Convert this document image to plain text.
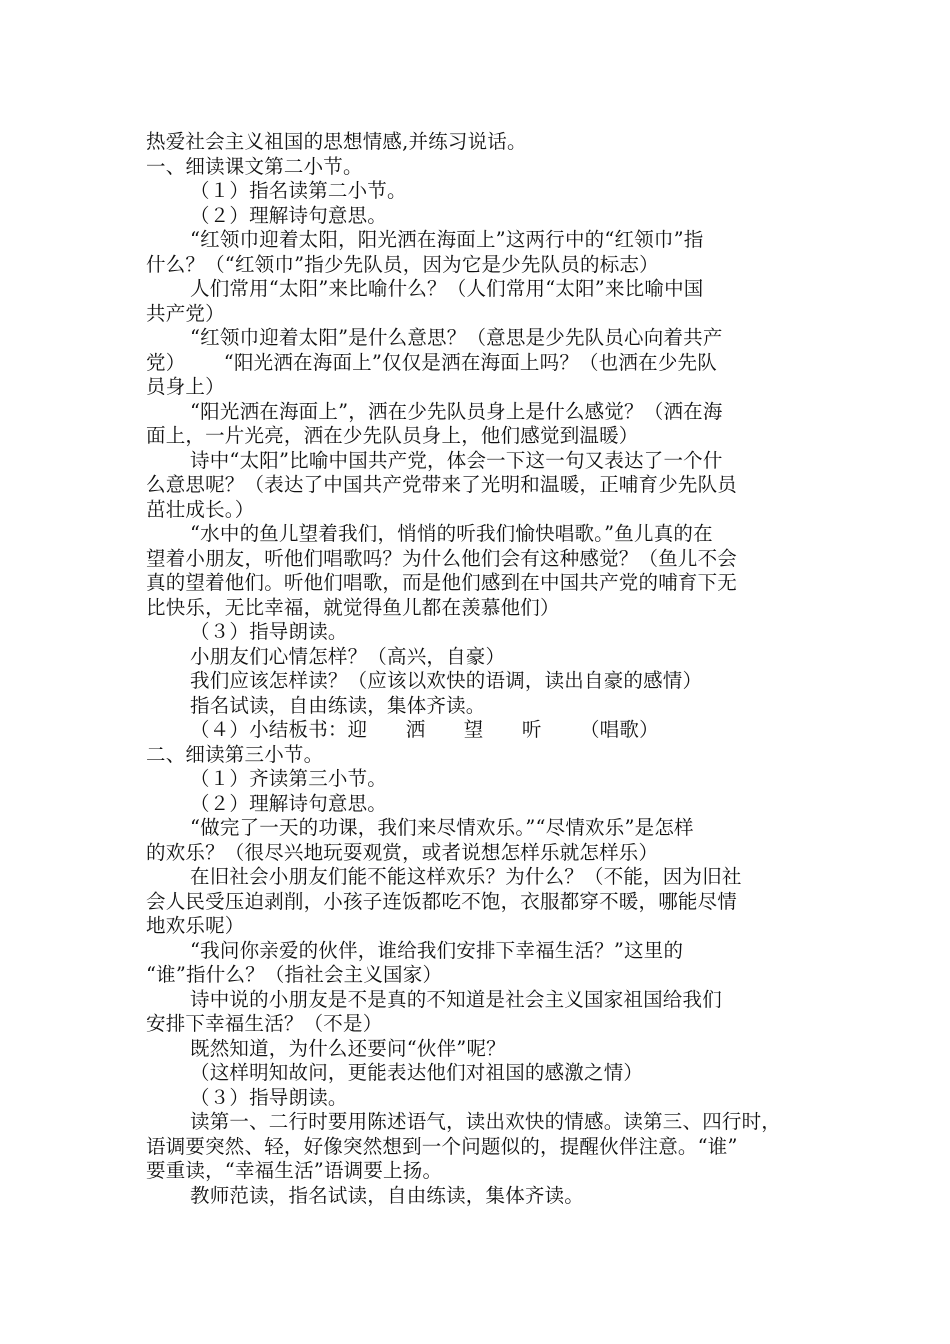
热爱社会主义祖国的思想情感,并练习说话。
一、细读课文第二小节。
（１）指名读第二小节。
（２）理解诗句意思。
“红领巾迎着太阳，阳光洒在海面上”这两行中的“红领巾”指
什么？（“红领巾”指少先队员，因为它是少先队员的标志）
人们常用“太阳”来比喻什么？（人们常用“太阳”来比喻中国
共产党）
“红领巾迎着太阳”是什么意思？（意思是少先队员心向着共产
党）      “阳光洒在海面上”仅仅是洒在海面上吗？（也洒在少先队
员身上）
“阳光洒在海面上”，洒在少先队员身上是什么感觉？（洒在海
面上，一片光亮，洒在少先队员身上，他们感觉到温暖）
诗中“太阳”比喻中国共产党，体会一下这一句又表达了一个什
么意思呢？（表达了中国共产党带来了光明和温暖，正哺育少先队员
茁壮成长。）
“水中的鱼儿望着我们，悄悄的听我们愉快唱歌。”鱼儿真的在
望着小朋友，听他们唱歌吗？为什么他们会有这种感觉？（鱼儿不会
真的望着他们。听他们唱歌，而是他们感到在中国共产党的哺育下无
比快乐，无比幸福，就觉得鱼儿都在羡慕他们）
（３）指导朗读。
小朋友们心情怎样？（高兴，自豪）
我们应该怎样读？（应该以欢快的语调，读出自豪的感情）
指名试读，自由练读，集体齐读。
（４）小结板书：迎      洒      望      听      （唱歌）
二、细读第三小节。
（１）齐读第三小节。
（２）理解诗句意思。
“做完了一天的功课，我们来尽情欢乐。”“尽情欢乐”是怎样
的欢乐？（很尽兴地玩耍观赏，或者说想怎样乐就怎样乐）
在旧社会小朋友们能不能这样欢乐？为什么？（不能，因为旧社
会人民受压迫剥削，小孩子连饭都吃不饱，衣服都穿不暖，哪能尽情
地欢乐呢）
“我问你亲爱的伙伴，谁给我们安排下幸福生活？”这里的
“谁”指什么？（指社会主义国家）
诗中说的小朋友是不是真的不知道是社会主义国家祖国给我们
安排下幸福生活？（不是）
既然知道，为什么还要问“伙伴”呢？
（这样明知故问，更能表达他们对祖国的感激之情）
（３）指导朗读。
读第一、二行时要用陈述语气，读出欢快的情感。读第三、四行时，
语调要突然、轻，好像突然想到一个问题似的，提醒伙伴注意。“谁”
要重读，“幸福生活”语调要上扬。
教师范读，指名试读，自由练读，集体齐读。
